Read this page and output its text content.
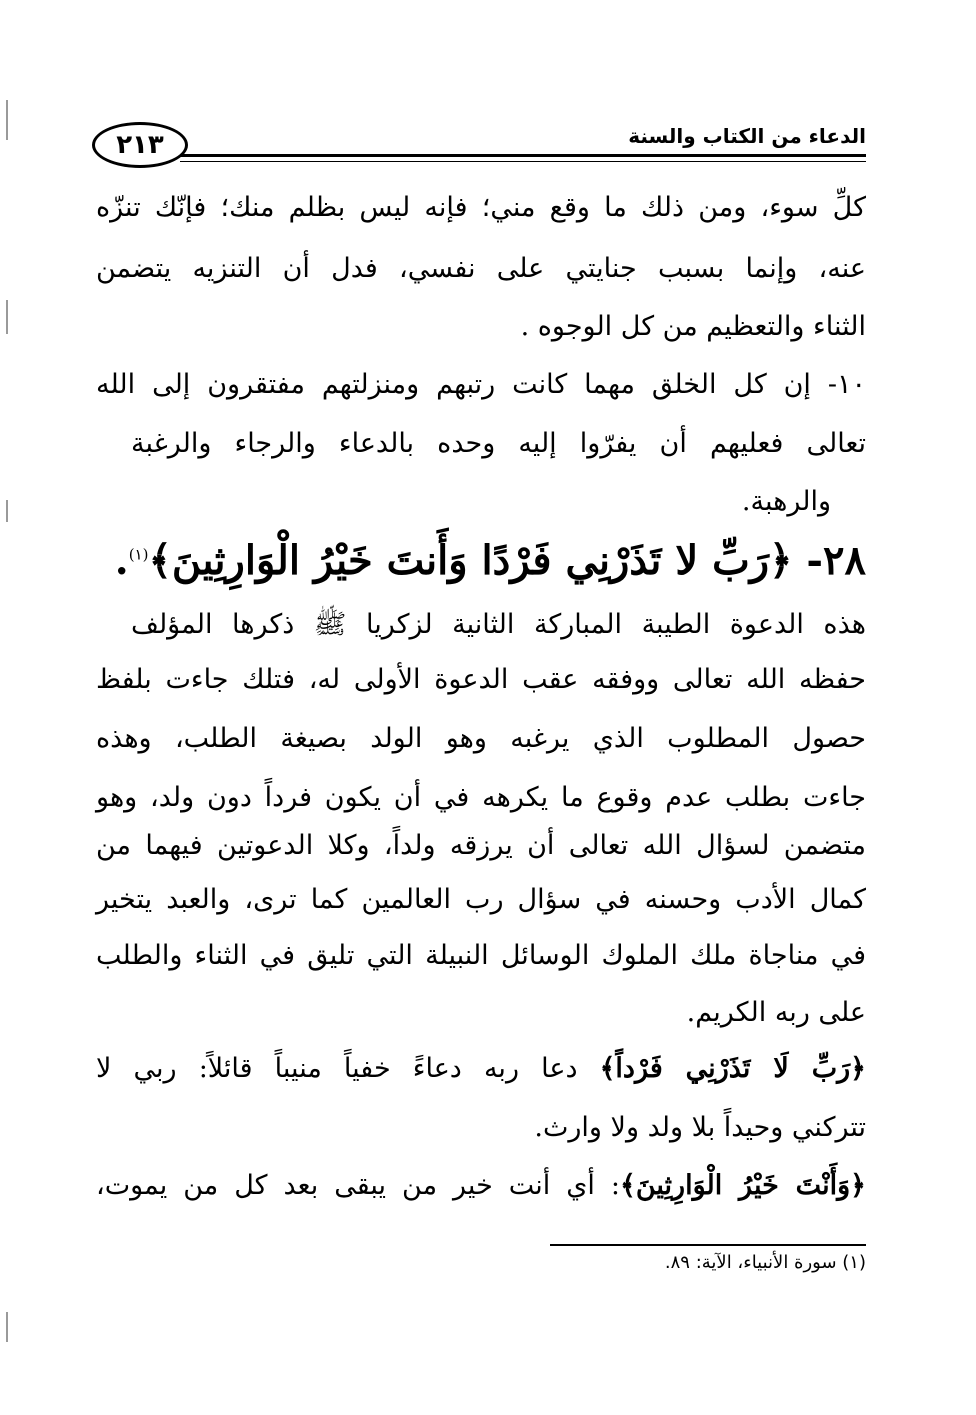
٢١٣	الدعاء من الكتاب والسنة
كلِّ سوء، ومن ذلك ما وقع مني؛ فإنه ليس بظلم منك؛ فإنّك تنزّه
عنه، وإنما بسبب جنايتي على نفسي، فدل أن التنزيه يتضمن
الثناء والتعظيم من كل الوجوه .
١٠- إن كل الخلق مهما كانت رتبهم ومنزلتهم مفتقرون إلى الله
تعالى فعليهم أن يفرّوا إليه وحده بالدعاء والرجاء والرغبة
والرهبة.
٢٨- ﴿رَبِّ لا تَذَرْنِي فَرْدًا وَأَنتَ خَيْرُ الْوَارِثِينَ﴾$^{(١)}$.
هذه الدعوة الطيبة المباركة الثانية لزكريا ﷺ ذكرها المؤلف
حفظه الله تعالى ووفقه عقب الدعوة الأولى له، فتلك جاءت بلفظ
حصول المطلوب الذي يرغبه وهو الولد بصيغة الطلب، وهذه
جاءت بطلب عدم وقوع ما يكرهه في أن يكون فرداً دون ولد، وهو
متضمن لسؤال الله تعالى أن يرزقه ولداً، وكلا الدعوتين فيهما من
كمال الأدب وحسنه في سؤال رب العالمين كما ترى، والعبد يتخير
في مناجاة ملك الملوك الوسائل النبيلة التي تليق في الثناء والطلب
على ربه الكريم.
﴿رَبِّ لَا تَذَرْنِي فَرْداً﴾ دعا ربه دعاءً خفياً منيباً قائلاً: ربي لا
تتركني وحيداً بلا ولد ولا وارث.
﴿وَأَنْتَ خَيْرُ الْوَارِثِينَ﴾: أي أنت خير من يبقى بعد كل من يموت،
(١) سورة الأنبياء، الآية: ٨٩.
